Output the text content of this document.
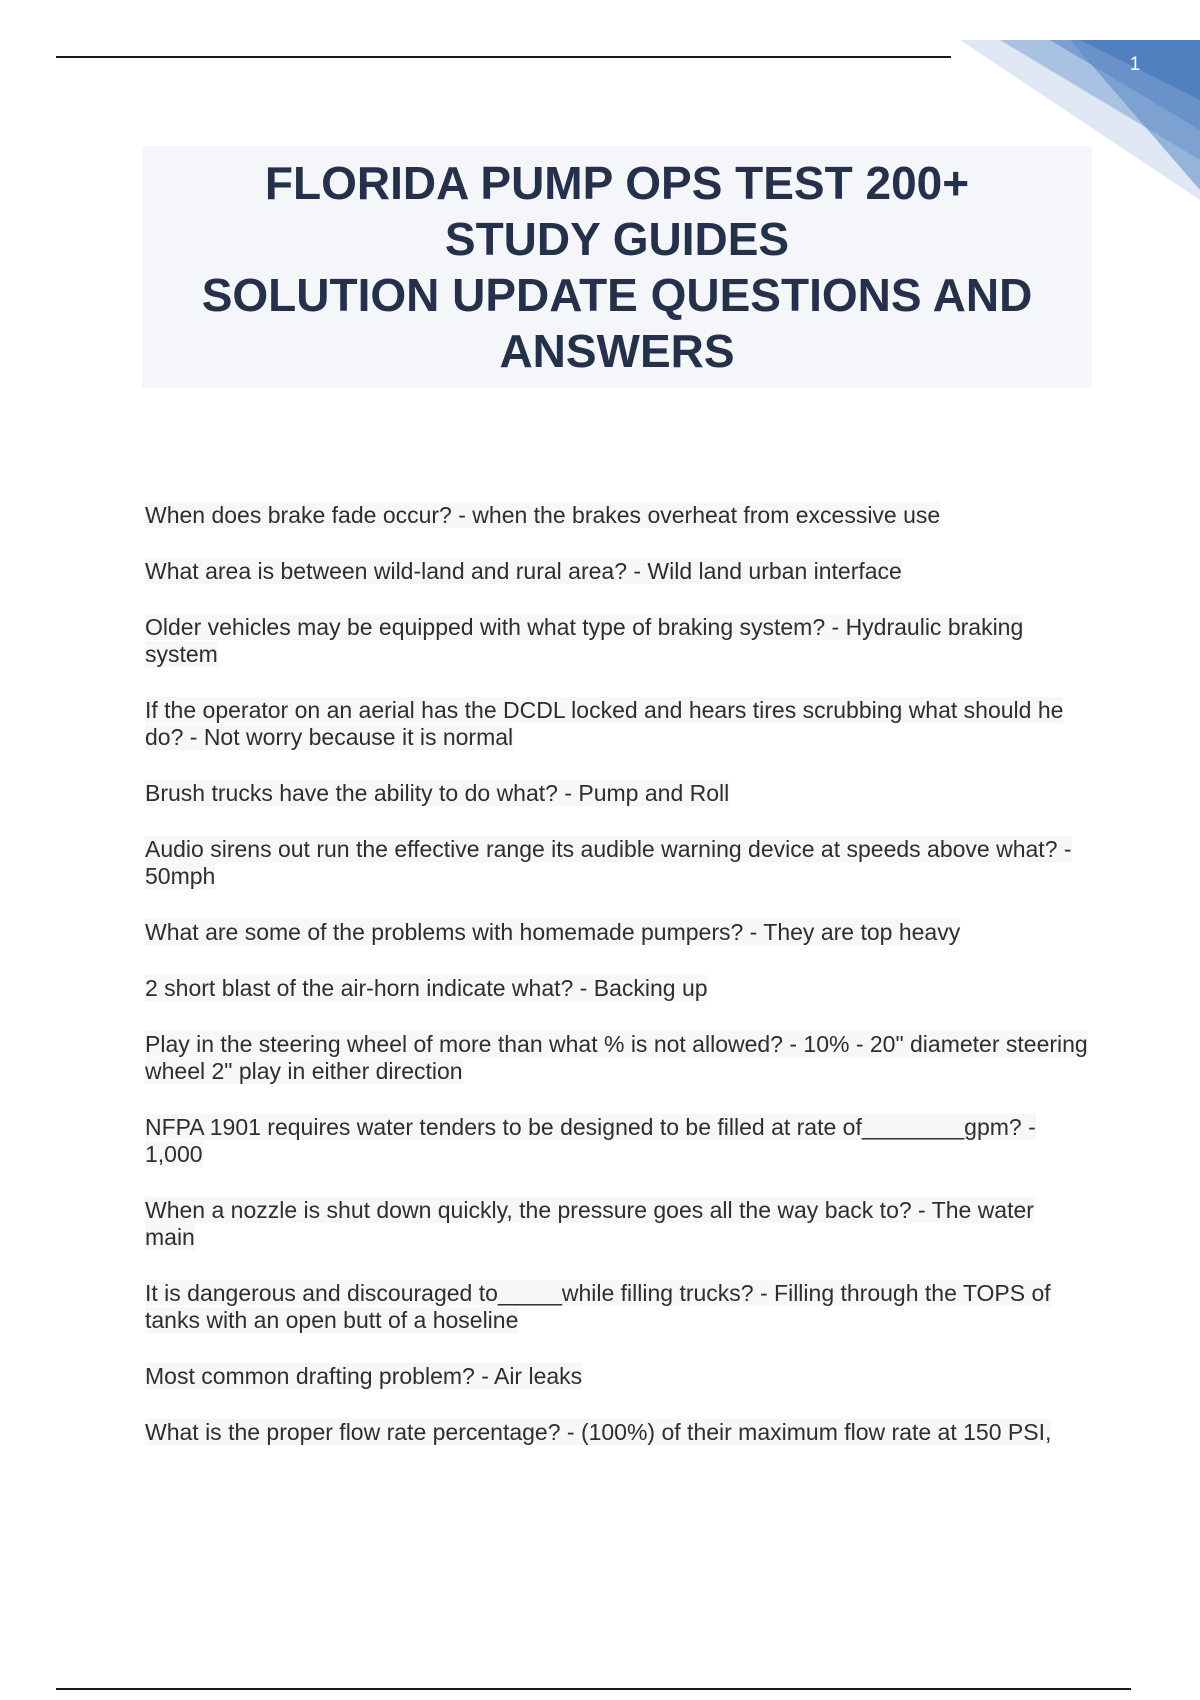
1
FLORIDA PUMP OPS TEST 200+
STUDY GUIDES
SOLUTION UPDATE QUESTIONS AND
ANSWERS

When does brake fade occur? - when the brakes overheat from excessive use

What area is between wild-land and rural area? - Wild land urban interface

Older vehicles may be equipped with what type of braking system? - Hydraulic braking system

If the operator on an aerial has the DCDL locked and hears tires scrubbing what should he do? - Not worry because it is normal

Brush trucks have the ability to do what? - Pump and Roll

Audio sirens out run the effective range its audible warning device at speeds above what? - 50mph

What are some of the problems with homemade pumpers? - They are top heavy

2 short blast of the air-horn indicate what? - Backing up

Play in the steering wheel of more than what % is not allowed? - 10% - 20" diameter steering wheel 2" play in either direction

NFPA 1901 requires water tenders to be designed to be filled at rate of________gpm? - 1,000

When a nozzle is shut down quickly, the pressure goes all the way back to? - The water main

It is dangerous and discouraged to_____while filling trucks? - Filling through the TOPS of tanks with an open butt of a hoseline

Most common drafting problem? - Air leaks

What is the proper flow rate percentage? - (100%) of their maximum flow rate at 150 PSI,
